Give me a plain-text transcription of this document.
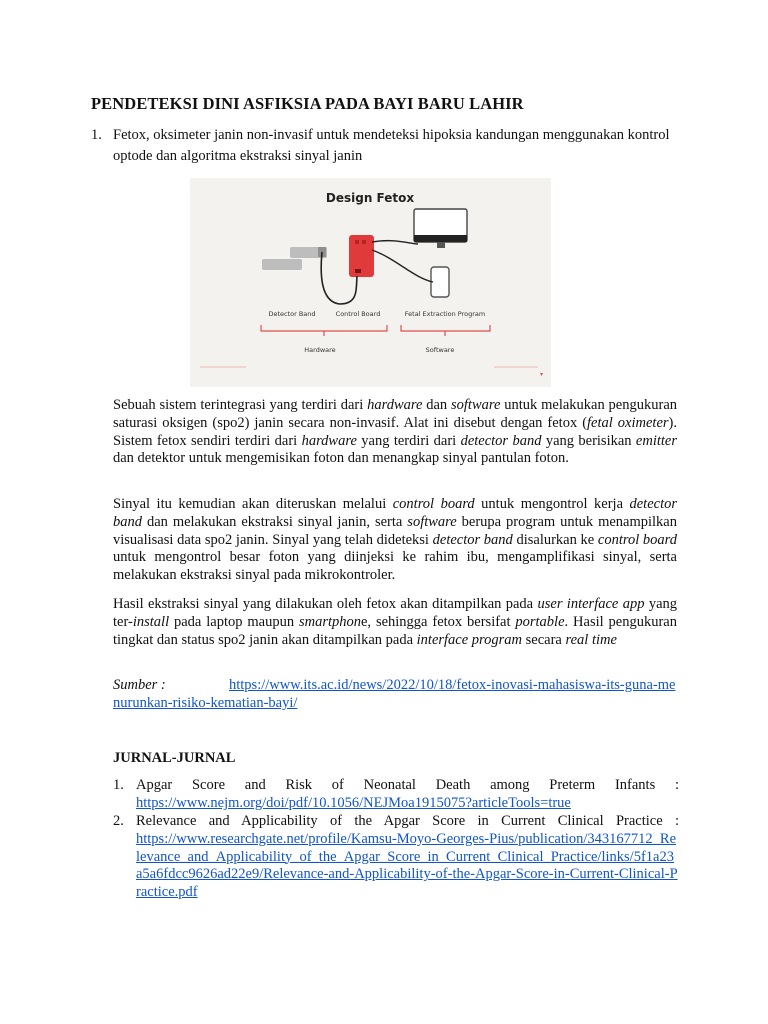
PENDETEKSI DINI ASFIKSIA PADA BAYI BARU LAHIR
1. Fetox, oksimeter janin non-invasif untuk mendeteksi hipoksia kandungan menggunakan kontrol optode dan algoritma ekstraksi sinyal janin
Design Fetox
Detector Band	Control Board	Fetal Extraction Program
Hardware	Software

Sebuah sistem terintegrasi yang terdiri dari hardware dan software untuk melakukan pengukuran saturasi oksigen (spo2) janin secara non-invasif. Alat ini disebut dengan fetox (fetal oximeter). Sistem fetox sendiri terdiri dari hardware yang terdiri dari detector band yang berisikan emitter dan detektor untuk mengemisikan foton dan menangkap sinyal pantulan foton.

Sinyal itu kemudian akan diteruskan melalui control board untuk mengontrol kerja detector band dan melakukan ekstraksi sinyal janin, serta software berupa program untuk menampilkan visualisasi data spo2 janin. Sinyal yang telah dideteksi detector band disalurkan ke control board untuk mengontrol besar foton yang diinjeksi ke rahim ibu, mengamplifikasi sinyal, serta melakukan ekstraksi sinyal pada mikrokontroler.

Hasil ekstraksi sinyal yang dilakukan oleh fetox akan ditampilkan pada user interface app yang ter-install pada laptop maupun smartphone, sehingga fetox bersifat portable. Hasil pengukuran tingkat dan status spo2 janin akan ditampilkan pada interface program secara real time

Sumber :	https://www.its.ac.id/news/2022/10/18/fetox-inovasi-mahasiswa-its-guna-menurunkan-risiko-kematian-bayi/

JURNAL-JURNAL
1. Apgar Score and Risk of Neonatal Death among Preterm Infants :
https://www.nejm.org/doi/pdf/10.1056/NEJMoa1915075?articleTools=true
2. Relevance and Applicability of the Apgar Score in Current Clinical Practice :
https://www.researchgate.net/profile/Kamsu-Moyo-Georges-Pius/publication/343167712_Relevance_and_Applicability_of_the_Apgar_Score_in_Current_Clinical_Practice/links/5f1a23a5a6fdcc9626ad22e9/Relevance-and-Applicability-of-the-Apgar-Score-in-Current-Clinical-Practice.pdf
